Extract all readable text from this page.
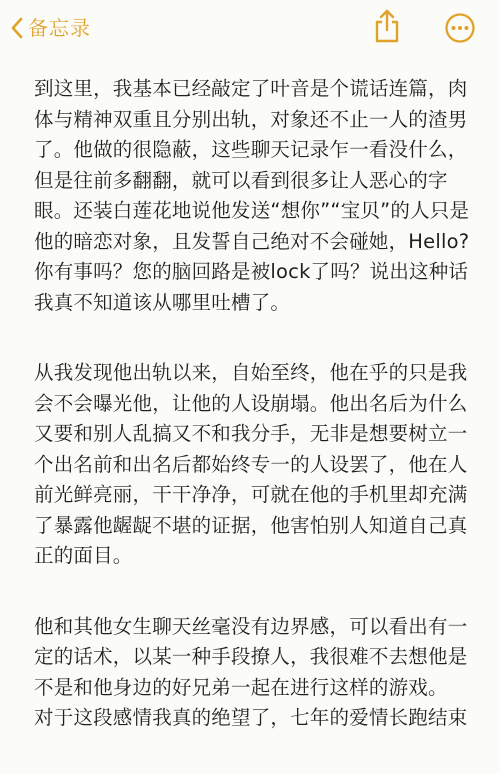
备忘录

到这里，我基本已经敲定了叶音是个谎话连篇，肉
体与精神双重且分别出轨，对象还不止一人的渣男
了。他做的很隐蔽，这些聊天记录乍一看没什么，
但是往前多翻翻，就可以看到很多让人恶心的字
眼。还装白莲花地说他发送“想你”“宝贝”的人只是
他的暗恋对象，且发誓自己绝对不会碰她，Hello?
你有事吗？您的脑回路是被lock了吗？说出这种话
我真不知道该从哪里吐槽了。

从我发现他出轨以来，自始至终，他在乎的只是我
会不会曝光他，让他的人设崩塌。他出名后为什么
又要和别人乱搞又不和我分手，无非是想要树立一
个出名前和出名后都始终专一的人设罢了，他在人
前光鲜亮丽，干干净净，可就在他的手机里却充满
了暴露他龌龊不堪的证据，他害怕别人知道自己真
正的面目。

他和其他女生聊天丝毫没有边界感，可以看出有一
定的话术，以某一种手段撩人，我很难不去想他是
不是和他身边的好兄弟一起在进行这样的游戏。
对于这段感情我真的绝望了，七年的爱情长跑结束
